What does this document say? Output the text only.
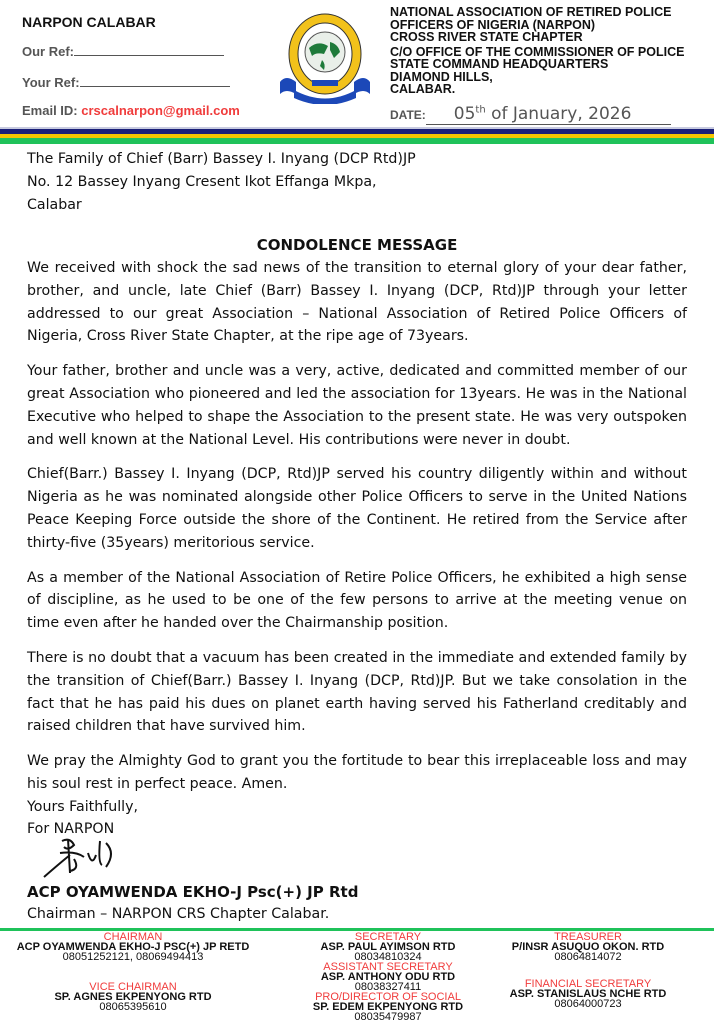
NARPON CALABAR
Our Ref:
Your Ref:
Email ID: crscalnarpon@gmail.com
NATIONAL ASSOCIATION OF RETIRED POLICE
OFFICERS OF NIGERIA (NARPON)
CROSS RIVER STATE CHAPTER
C/O OFFICE OF THE COMMISSIONER OF POLICE
STATE COMMAND HEADQUARTERS
DIAMOND HILLS,
CALABAR.
DATE: 05th of January, 2026
The Family of Chief (Barr) Bassey I. Inyang (DCP Rtd)JP
No. 12 Bassey Inyang Cresent Ikot Effanga Mkpa,
Calabar
CONDOLENCE MESSAGE

We received with shock the sad news of the transition to eternal glory of your dear father, brother, and uncle, late Chief (Barr) Bassey I. Inyang (DCP, Rtd)JP through your letter addressed to our great Association – National Association of Retired Police Officers of Nigeria, Cross River State Chapter, at the ripe age of 73years.

Your father, brother and uncle was a very, active, dedicated and committed member of our great Association who pioneered and led the association for 13years. He was in the National Executive who helped to shape the Association to the present state. He was very outspoken and well known at the National Level. His contributions were never in doubt.

Chief(Barr.) Bassey I. Inyang (DCP, Rtd)JP served his country diligently within and without Nigeria as he was nominated alongside other Police Officers to serve in the United Nations Peace Keeping Force outside the shore of the Continent. He retired from the Service after thirty-five (35years) meritorious service.

As a member of the National Association of Retire Police Officers, he exhibited a high sense of discipline, as he used to be one of the few persons to arrive at the meeting venue on time even after he handed over the Chairmanship position.

There is no doubt that a vacuum has been created in the immediate and extended family by the transition of Chief(Barr.) Bassey I. Inyang (DCP, Rtd)JP. But we take consolation in the fact that he has paid his dues on planet earth having served his Fatherland creditably and raised children that have survived him.

We pray the Almighty God to grant you the fortitude to bear this irreplaceable loss and may his soul rest in perfect peace. Amen.

Yours Faithfully,
For NARPON
ACP OYAMWENDA EKHO-J Psc(+) JP Rtd
Chairman – NARPON CRS Chapter Calabar.
CHAIRMAN
ACP OYAMWENDA EKHO-J PSC(+) JP RETD
08051252121, 08069494413
VICE CHAIRMAN
SP. AGNES EKPENYONG RTD
08065395610
SECRETARY
ASP. PAUL AYIMSON RTD
08034810324
ASSISTANT SECRETARY
ASP. ANTHONY ODU RTD
08038327411
PRO/DIRECTOR OF SOCIAL
SP. EDEM EKPENYONG RTD
08035479987
TREASURER
P/INSR ASUQUO OKON. RTD
08064814072
FINANCIAL SECRETARY
ASP. STANISLAUS NCHE RTD
08064000723
